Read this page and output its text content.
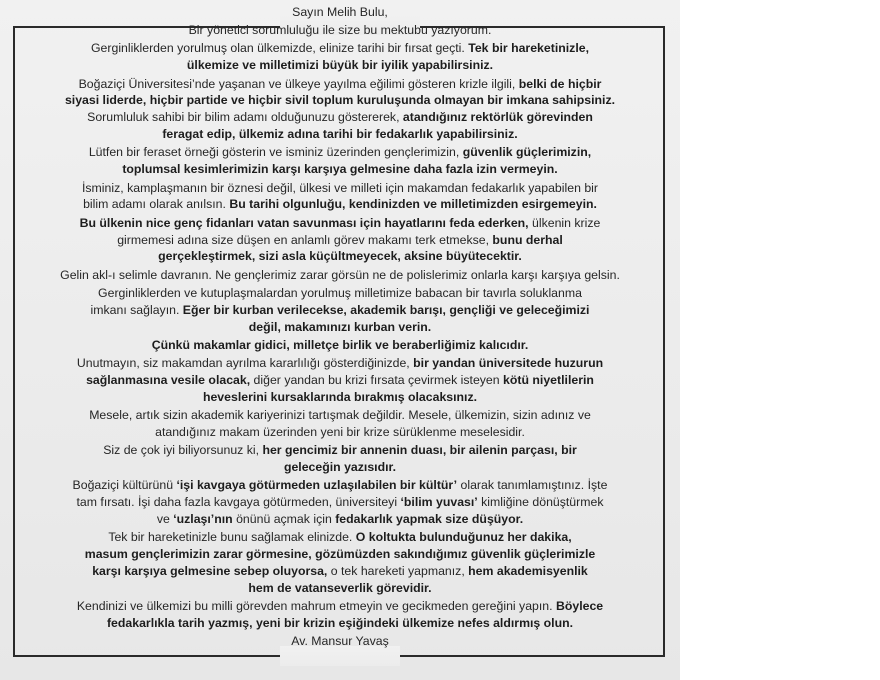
Sayın Melih Bulu,
Bir yönetici sorumluluğu ile size bu mektubu yazıyorum.
Gerginliklerden yorulmuş olan ülkemizde, elinize tarihi bir fırsat geçti. Tek bir hareketinizle,
ülkemize ve milletimizi büyük bir iyilik yapabilirsiniz.
Boğaziçi Üniversitesi’nde yaşanan ve ülkeye yayılma eğilimi gösteren krizle ilgili, belki de hiçbir
siyasi liderde, hiçbir partide ve hiçbir sivil toplum kuruluşunda olmayan bir imkana sahipsiniz.
Sorumluluk sahibi bir bilim adamı olduğunuzu göstererek, atandığınız rektörlük görevinden
feragat edip, ülkemiz adına tarihi bir fedakarlık yapabilirsiniz.
Lütfen bir feraset örneği gösterin ve isminiz üzerinden gençlerimizin, güvenlik güçlerimizin,
toplumsal kesimlerimizin karşı karşıya gelmesine daha fazla izin vermeyin.
İsminiz, kamplaşmanın bir öznesi değil, ülkesi ve milleti için makamdan fedakarlık yapabilen bir
bilim adamı olarak anılsın. Bu tarihi olgunluğu, kendinizden ve milletimizden esirgemeyin.
Bu ülkenin nice genç fidanları vatan savunması için hayatlarını feda ederken, ülkenin krize
girmemesi adına size düşen en anlamlı görev makamı terk etmekse, bunu derhal
gerçekleştirmek, sizi asla küçültmeyecek, aksine büyütecektir.
Gelin akl-ı selimle davranın. Ne gençlerimiz zarar görsün ne de polislerimiz onlarla karşı karşıya gelsin.
Gerginliklerden ve kutuplaşmalardan yorulmuş milletimize babacan bir tavırla soluklanma
imkanı sağlayın. Eğer bir kurban verilecekse, akademik barışı, gençliği ve geleceğimizi
değil, makamınızı kurban verin.
Çünkü makamlar gidici, milletçe birlik ve beraberliğimiz kalıcıdır.
Unutmayın, siz makamdan ayrılma kararlılığı gösterdiğinizde, bir yandan üniversitede huzurun
sağlanmasına vesile olacak, diğer yandan bu krizi fırsata çevirmek isteyen kötü niyetlilerin
heveslerini kursaklarında bırakmış olacaksınız.
Mesele, artık sizin akademik kariyerinizi tartışmak değildir. Mesele, ülkemizin, sizin adınız ve
atandığınız makam üzerinden yeni bir krize sürüklenme meselesidir.
Siz de çok iyi biliyorsunuz ki, her gencimiz bir annenin duası, bir ailenin parçası, bir
geleceğin yazısıdır.
Boğaziçi kültürünü ‘işi kavgaya götürmeden uzlaşılabilen bir kültür’ olarak tanımlamıştınız. İşte
tam fırsatı. İşi daha fazla kavgaya götürmeden, üniversiteyi ‘bilim yuvası’ kimliğine dönüştürmek
ve ‘uzlaşı’nın önünü açmak için fedakarlık yapmak size düşüyor.
Tek bir hareketinizle bunu sağlamak elinizde. O koltukta bulunduğunuz her dakika,
masum gençlerimizin zarar görmesine, gözümüzden sakındığımız güvenlik güçlerimizle
karşı karşıya gelmesine sebep oluyorsa, o tek hareketi yapmanız, hem akademisyenlik
hem de vatanseverlik görevidir.
Kendinizi ve ülkemizi bu milli görevden mahrum etmeyin ve gecikmeden gereğini yapın. Böylece
fedakarlıkla tarih yazmış, yeni bir krizin eşiğindeki ülkemize nefes aldırmış olun.
Av. Mansur Yavaş
